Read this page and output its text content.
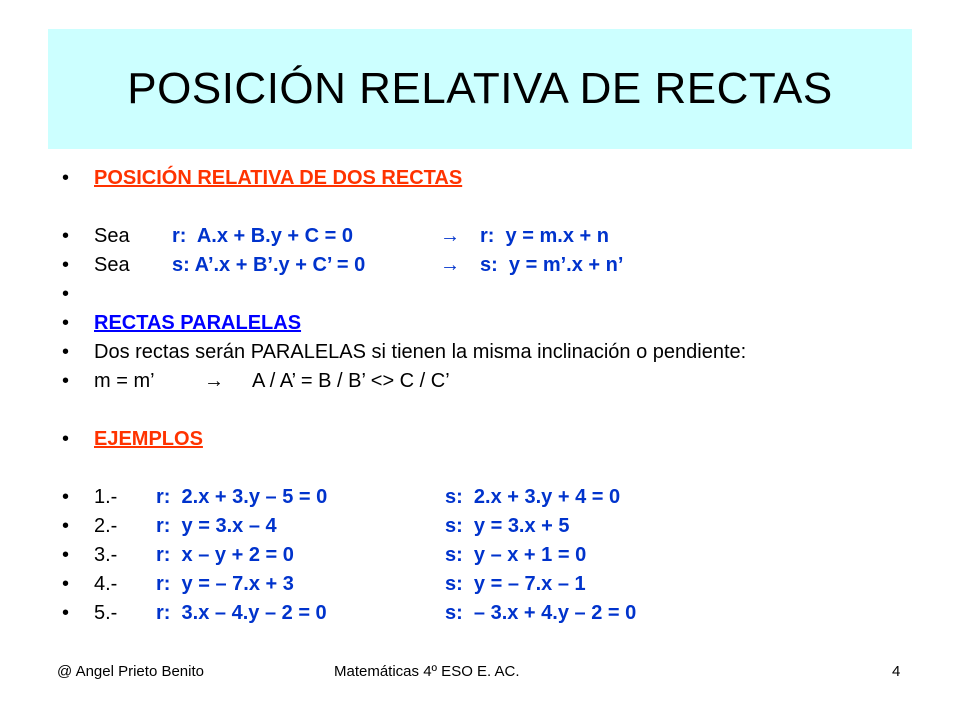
POSICIÓN RELATIVA DE RECTAS

•

POSICIÓN RELATIVA DE DOS RECTAS

•

Sea

r:  A.x + B.y + C = 0

	→

r:  y = m.x + n

•

Sea

s: A’.x + B’.y + C’ = 0

	→

s:  y = m’.x + n’

•

•

RECTAS PARALELAS

•

Dos rectas serán PARALELAS si tienen la misma inclinación o pendiente:

•

m = m’

→

A / A’ = B / B’ <> C / C’

•

EJEMPLOS

•

1.-

r:  2.x + 3.y – 5 = 0

	s:  2.x + 3.y + 4 = 0

•

2.-

r:  y = 3.x – 4

	s:  y = 3.x + 5

•

3.-

r:  x – y + 2 = 0

	s:  y – x + 1 = 0

•

4.-

r:  y = – 7.x + 3

	s:  y = – 7.x – 1

•

5.-

r:  3.x – 4.y – 2 = 0

	s:  – 3.x + 4.y – 2 = 0

@ Angel Prieto Benito	Matemáticas 4º ESO E. AC.	4
